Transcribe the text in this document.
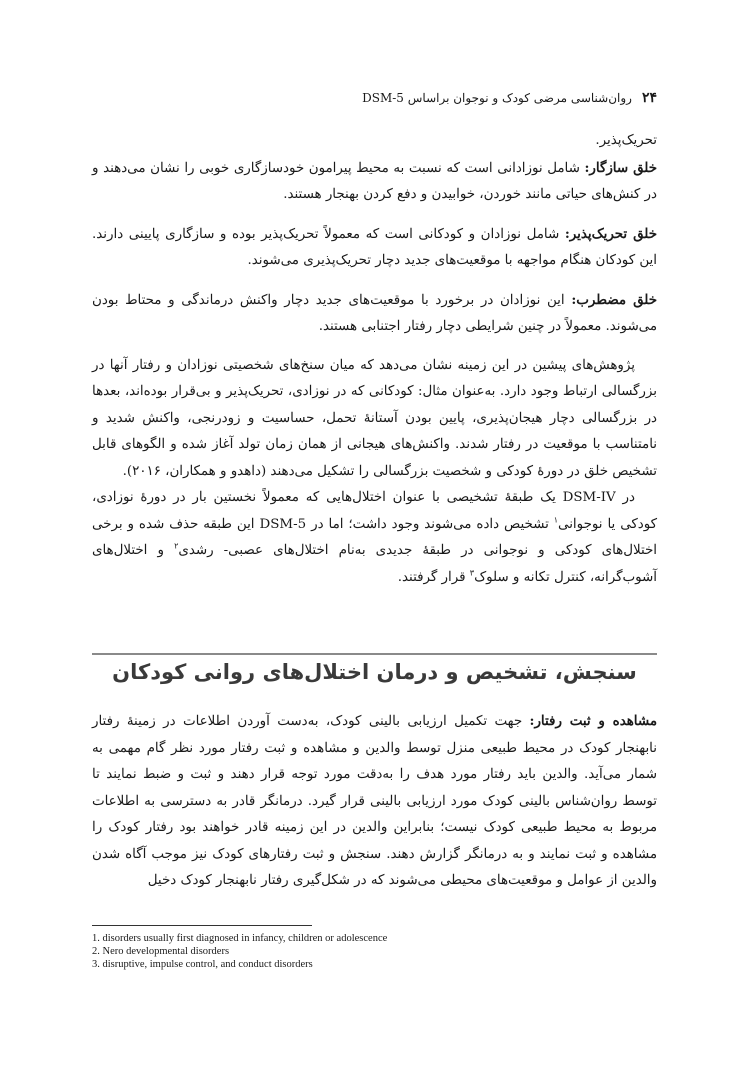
۲۴
روان‌شناسی مرضی کودک و نوجوان براساس DSM-5

تحریک‌پذیر.

خلق سازگار: شامل نوزادانی است که نسبت به محیط پیرامون خودسازگاری خوبی را نشان می‌دهند و در کنش‌های حیاتی مانند خوردن، خوابیدن و دفع کردن بهنجار هستند.

خلق تحریک‌پذیر: شامل نوزادان و کودکانی است که معمولاً تحریک‌پذیر بوده و سازگاری پایینی دارند. این کودکان هنگام مواجهه با موقعیت‌های جدید دچار تحریک‌پذیری می‌شوند.

خلق مضطرب: این نوزادان در برخورد با موقعیت‌های جدید دچار واکنش درماندگی و محتاط بودن می‌شوند. معمولاً در چنین شرایطی دچار رفتار اجتنابی هستند.

پژوهش‌های پیشین در این زمینه نشان می‌دهد که میان سنخ‌های شخصیتی نوزادان و رفتار آنها در بزرگسالی ارتباط وجود دارد. به‌عنوان مثال: کودکانی که در نوزادی، تحریک‌پذیر و بی‌قرار بوده‌اند، بعدها در بزرگسالی دچار هیجان‌پذیری، پایین بودن آستانهٔ تحمل، حساسیت و زودرنجی، واکنش شدید و نامتناسب با موقعیت در رفتار شدند. واکنش‌های هیجانی از همان زمان تولد آغاز شده و الگوهای قابل تشخیص خلق در دورهٔ کودکی و شخصیت بزرگسالی را تشکیل می‌دهند (داهدو و همکاران، ۲۰۱۶).

در DSM-IV یک طبقهٔ تشخیصی با عنوان اختلال‌هایی که معمولاً نخستین بار در دورهٔ نوزادی، کودکی یا نوجوانی$^۱$ تشخیص داده می‌شوند وجود داشت؛ اما در DSM-5 این طبقه حذف شده و برخی اختلال‌های کودکی و نوجوانی در طبقهٔ جدیدی به‌نام اختلال‌های عصبی- رشدی$^۲$ و اختلال‌های آشوب‌گرانه، کنترل تکانه و سلوک$^۳$ قرار گرفتند.

سنجش، تشخیص و درمان اختلال‌های روانی کودکان

مشاهده و ثبت رفتار: جهت تکمیل ارزیابی بالینی کودک، به‌دست آوردن اطلاعات در زمینهٔ رفتار نابهنجار کودک در محیط طبیعی منزل توسط والدین و مشاهده و ثبت رفتار مورد نظر گام مهمی به شمار می‌آید. والدین باید رفتار مورد هدف را به‌دقت مورد توجه قرار دهند و ثبت و ضبط نمایند تا توسط روان‌شناس بالینی کودک مورد ارزیابی بالینی قرار گیرد. درمانگر قادر به دسترسی به اطلاعات مربوط به محیط طبیعی کودک نیست؛ بنابراین والدین در این زمینه قادر خواهند بود رفتار کودک را مشاهده و ثبت نمایند و به درمانگر گزارش دهند. سنجش و ثبت رفتارهای کودک نیز موجب آگاه شدن والدین از عوامل و موقعیت‌های محیطی می‌شوند که در شکل‌گیری رفتار نابهنجار کودک دخیل

1. disorders usually first diagnosed in infancy, children or adolescence
2. Nero developmental disorders
3. disruptive, impulse control, and conduct disorders
